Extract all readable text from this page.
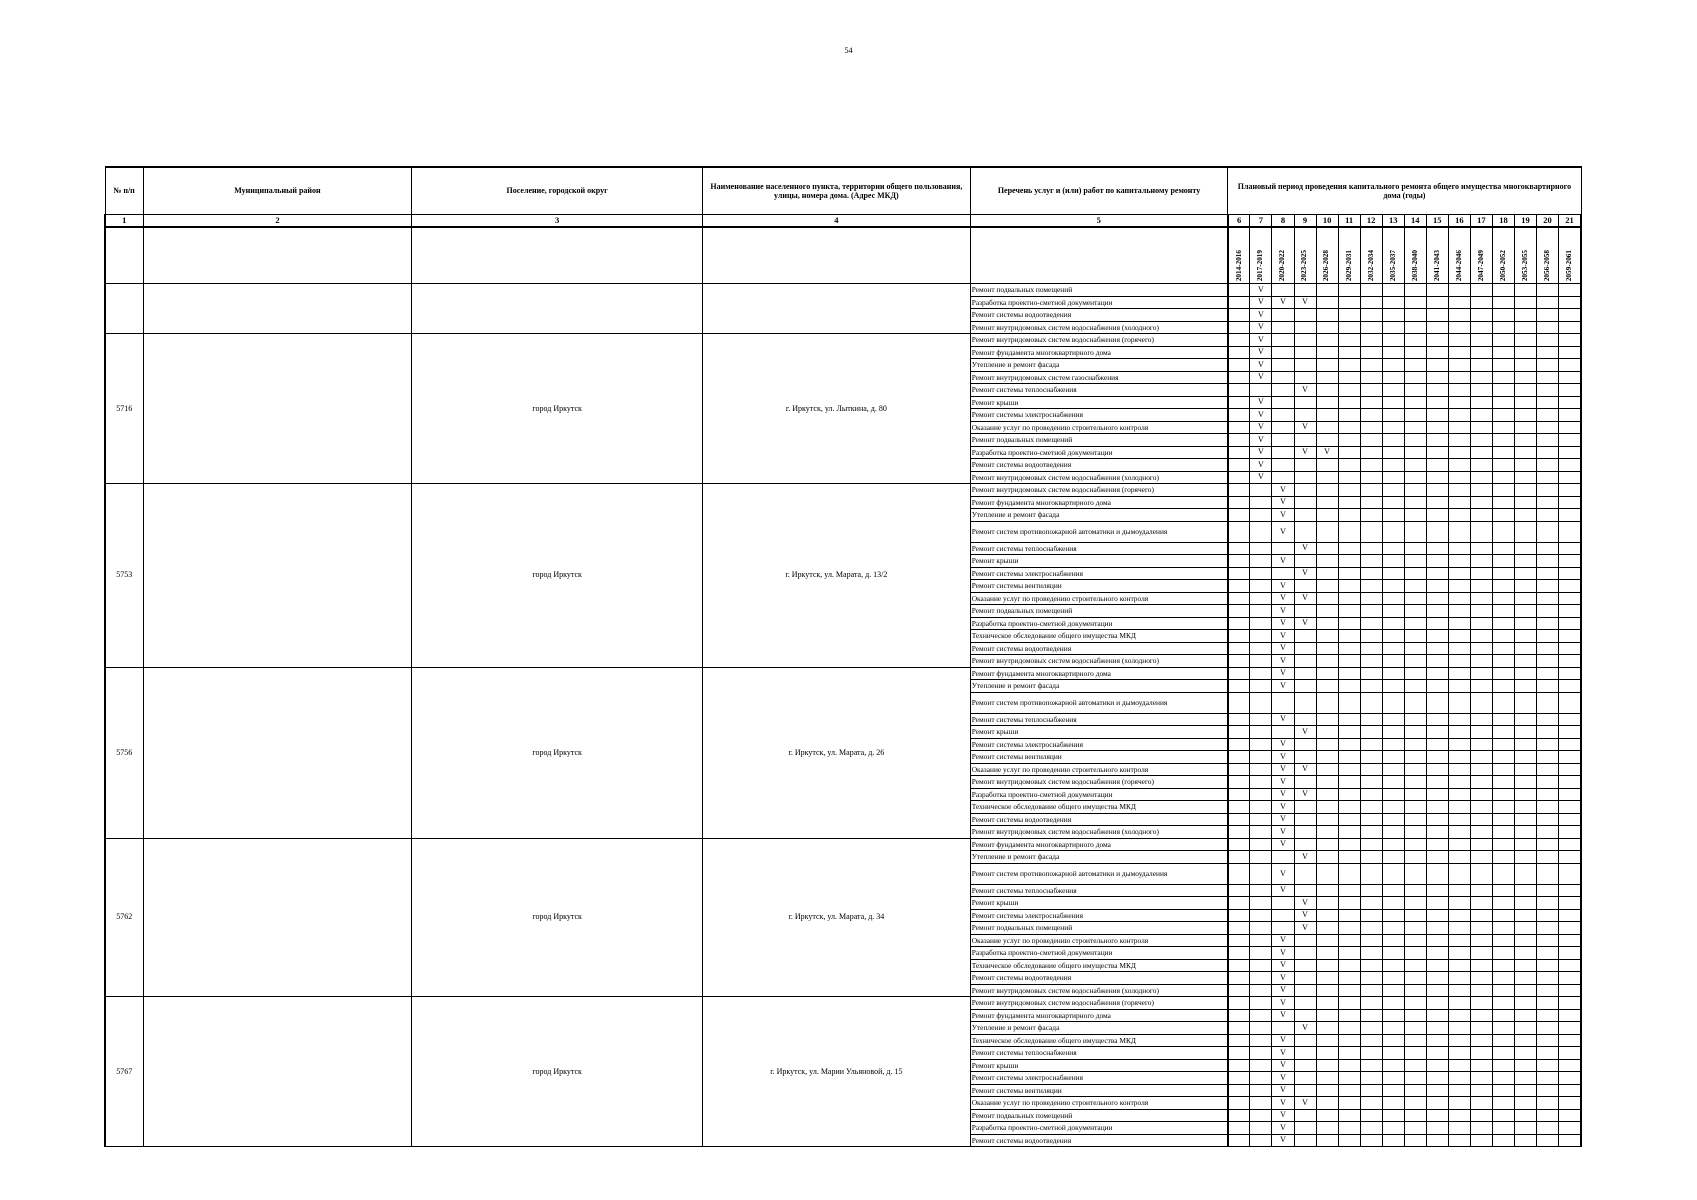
54
№ п/п	Муниципальный район	Поселение, городской округ	Наименование населенного пункта, территории общего пользования, улицы, номера дома. (Адрес МКД)	Перечень услуг и (или) работ по капитальному ремонту	Плановый период проведения капитального ремонта общего имущества многоквартирного дома (годы)															
1	2	3	4	5	6	7	8	9	10	11	12	13	14	15	16	17	18	19	20	21

					2014-2016	2017-2019	2020-2022	2023-2025	2026-2028	2029-2031	2032-2034	2035-2037	2038-2040	2041-2043	2044-2046	2047-2049	2050-2052	2053-2055	2056-2058	2059-2061

				Ремонт подвальных помещений		V														
				Разработка проектно-сметной документации		V	V	V												
				Ремонт системы водоотведения		V														
				Ремонт внутридомовых систем водоснабжения (холодного)		V														
5716		город Иркутск	г. Иркутск, ул. Лыткина, д. 80	Ремонт внутридомовых систем водоснабжения (горячего)		V														
				Ремонт фундамента многоквартирного дома		V														
				Утепление и ремонт фасада		V														
				Ремонт внутридомовых систем газоснабжения		V														
				Ремонт системы теплоснабжения				V												
				Ремонт крыши		V														
				Ремонт системы электроснабжения		V														
				Оказание услуг по проведению строительного контроля		V		V												
				Ремонт подвальных помещений		V														
				Разработка проектно-сметной документации		V		V	V											
				Ремонт системы водоотведения		V														
				Ремонт внутридомовых систем водоснабжения (холодного)		V														
5753		город Иркутск	г. Иркутск, ул. Марата, д. 13/2	Ремонт внутридомовых систем водоснабжения (горячего)			V													
				Ремонт фундамента многоквартирного дома			V													
				Утепление и ремонт фасада			V													
				Ремонт систем противопожарной автоматики и дымоудаления			V													
				Ремонт системы теплоснабжения				V												
				Ремонт крыши			V													
				Ремонт системы электроснабжения				V												
				Ремонт системы вентиляции			V													
				Оказание услуг по проведению строительного контроля			V	V												
				Ремонт подвальных помещений			V													
				Разработка проектно-сметной документации			V	V												
				Техническое обследование общего имущества МКД			V													
				Ремонт системы водоотведения			V													
				Ремонт внутридомовых систем водоснабжения (холодного)			V													
5756		город Иркутск	г. Иркутск, ул. Марата, д. 26	Ремонт фундамента многоквартирного дома			V													
				Утепление и ремонт фасада			V													
				Ремонт систем противопожарной автоматики и дымоудаления																
				Ремонт системы теплоснабжения			V													
				Ремонт крыши				V												
				Ремонт системы электроснабжения			V													
				Ремонт системы вентиляции			V													
				Оказание услуг по проведению строительного контроля			V	V												
				Ремонт внутридомовых систем водоснабжения (горячего)			V													
				Разработка проектно-сметной документации			V	V												
				Техническое обследование общего имущества МКД			V													
				Ремонт системы водоотведения			V													
				Ремонт внутридомовых систем водоснабжения (холодного)			V													
5762		город Иркутск	г. Иркутск, ул. Марата, д. 34	Ремонт фундамента многоквартирного дома			V													
				Утепление и ремонт фасада				V												
				Ремонт систем противопожарной автоматики и дымоудаления			V													
				Ремонт системы теплоснабжения			V													
				Ремонт крыши				V												
				Ремонт системы электроснабжения				V												
				Ремонт подвальных помещений				V												
				Оказание услуг по проведению строительного контроля			V													
				Разработка проектно-сметной документации			V													
				Техническое обследование общего имущества МКД			V													
				Ремонт системы водоотведения			V													
				Ремонт внутридомовых систем водоснабжения (холодного)			V													
5767		город Иркутск	г. Иркутск, ул. Марии Ульяновой, д. 15	Ремонт внутридомовых систем водоснабжения (горячего)			V													
				Ремонт фундамента многоквартирного дома			V													
				Утепление и ремонт фасада				V												
				Техническое обследование общего имущества МКД			V													
				Ремонт системы теплоснабжения			V													
				Ремонт крыши			V													
				Ремонт системы электроснабжения			V													
				Ремонт системы вентиляции			V													
				Оказание услуг по проведению строительного контроля			V	V												
				Ремонт подвальных помещений			V													
				Разработка проектно-сметной документации			V													
				Ремонт системы водоотведения			V													
